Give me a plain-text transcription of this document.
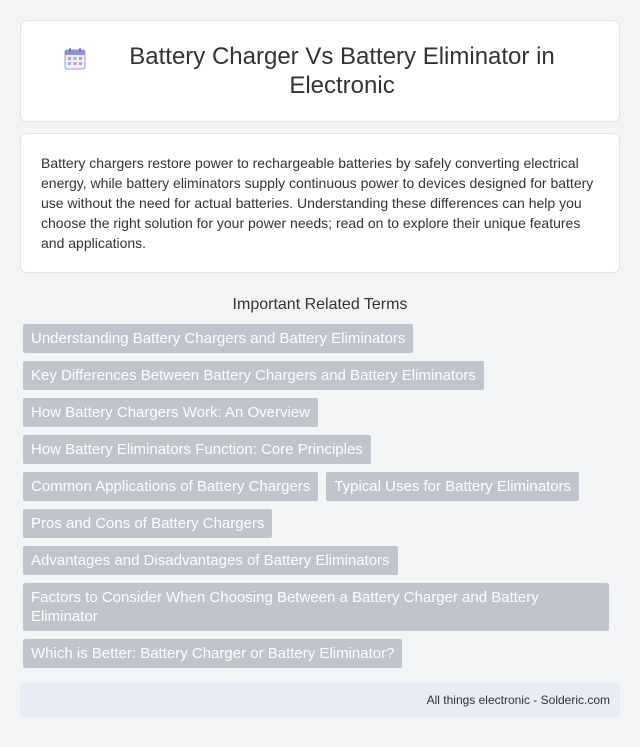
Battery Charger Vs Battery Eliminator in Electronic

Battery chargers restore power to rechargeable batteries by safely converting electrical energy, while battery eliminators supply continuous power to devices designed for battery use without the need for actual batteries. Understanding these differences can help you choose the right solution for your power needs; read on to explore their unique features and applications.

Important Related Terms
Understanding Battery Chargers and Battery Eliminators
Key Differences Between Battery Chargers and Battery Eliminators
How Battery Chargers Work: An Overview
How Battery Eliminators Function: Core Principles
Common Applications of Battery Chargers	Typical Uses for Battery Eliminators
Pros and Cons of Battery Chargers
Advantages and Disadvantages of Battery Eliminators
Factors to Consider When Choosing Between a Battery Charger and Battery Eliminator
Which is Better: Battery Charger or Battery Eliminator?
All things electronic - Solderic.com
